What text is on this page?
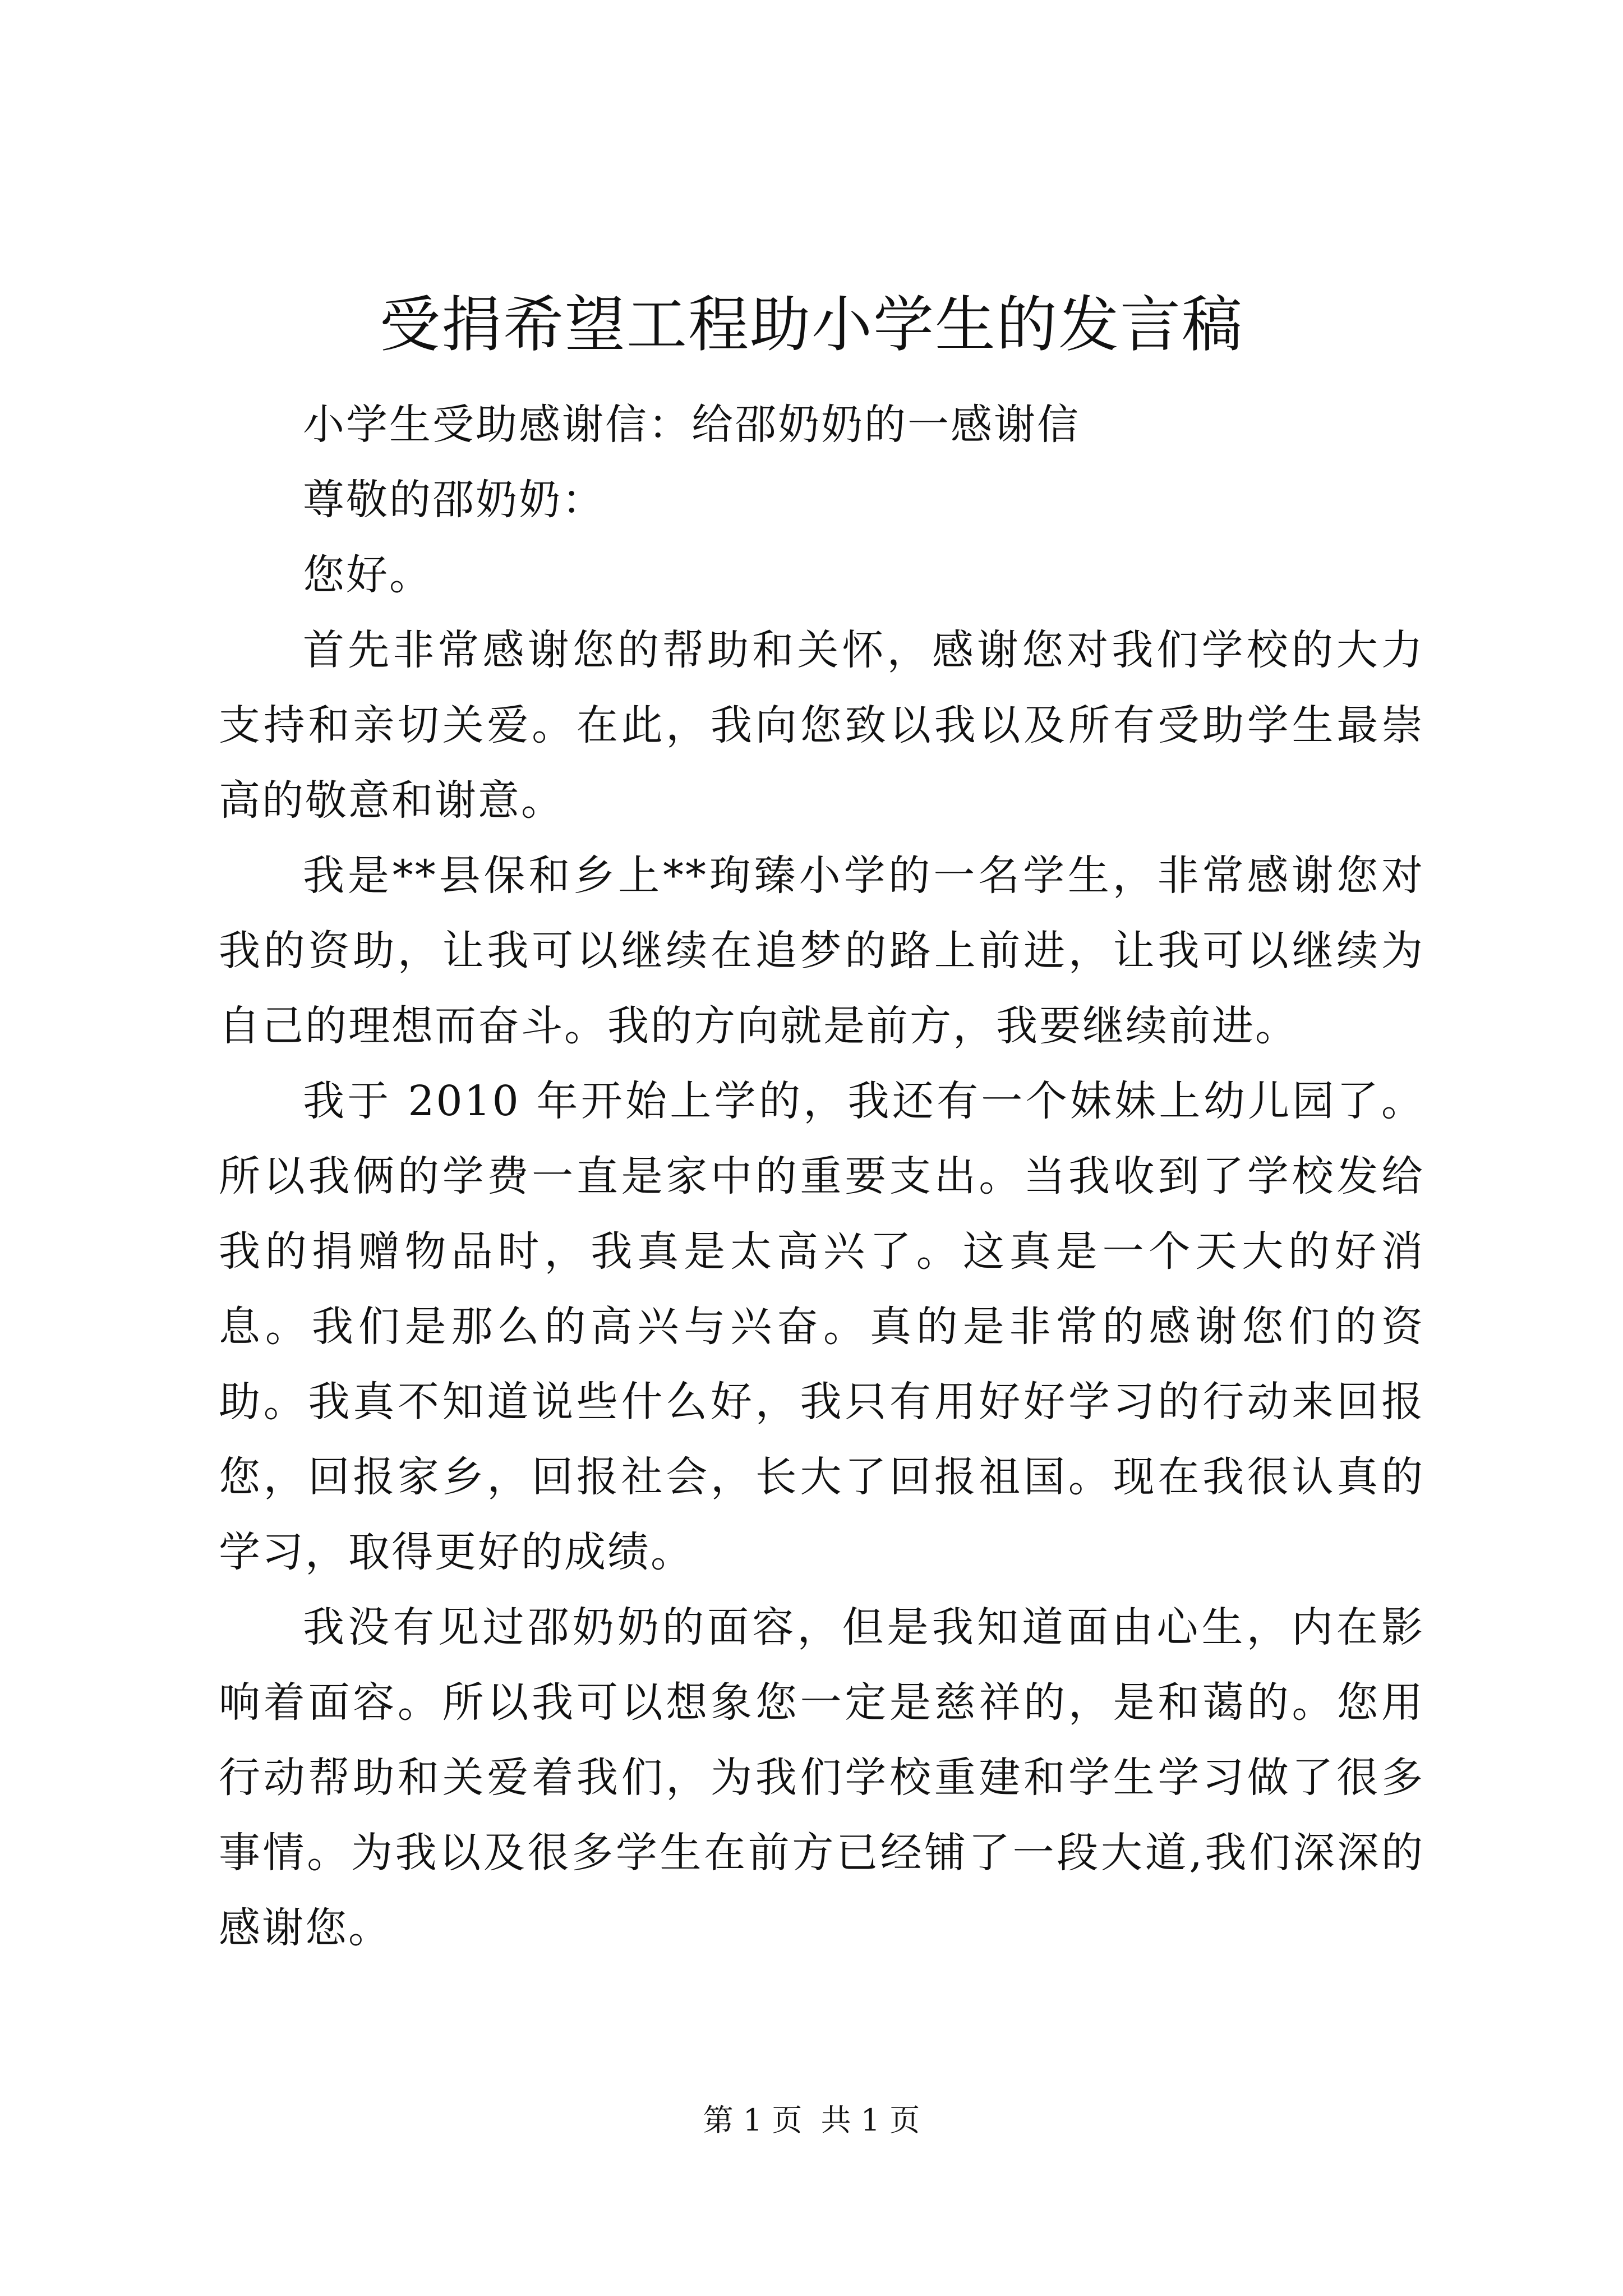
受捐希望工程助小学生的发言稿

小学生受助感谢信：给邵奶奶的一感谢信

尊敬的邵奶奶：

您好。

首先非常感谢您的帮助和关怀，感谢您对我们学校的大力支持和亲切关爱。在此，我向您致以我以及所有受助学生最崇高的敬意和谢意。

我是**县保和乡上**珣臻小学的一名学生，非常感谢您对我的资助，让我可以继续在追梦的路上前进，让我可以继续为自己的理想而奋斗。我的方向就是前方，我要继续前进。

我于 2010 年开始上学的，我还有一个妹妹上幼儿园了。所以我俩的学费一直是家中的重要支出。当我收到了学校发给我的捐赠物品时，我真是太高兴了。这真是一个天大的好消息。我们是那么的高兴与兴奋。真的是非常的感谢您们的资助。我真不知道说些什么好，我只有用好好学习的行动来回报您，回报家乡，回报社会，长大了回报祖国。现在我很认真的学习，取得更好的成绩。

我没有见过邵奶奶的面容，但是我知道面由心生，内在影响着面容。所以我可以想象您一定是慈祥的，是和蔼的。您用行动帮助和关爱着我们，为我们学校重建和学生学习做了很多事情。为我以及很多学生在前方已经铺了一段大道,我们深深的感谢您。

第 1 页 共 1 页
